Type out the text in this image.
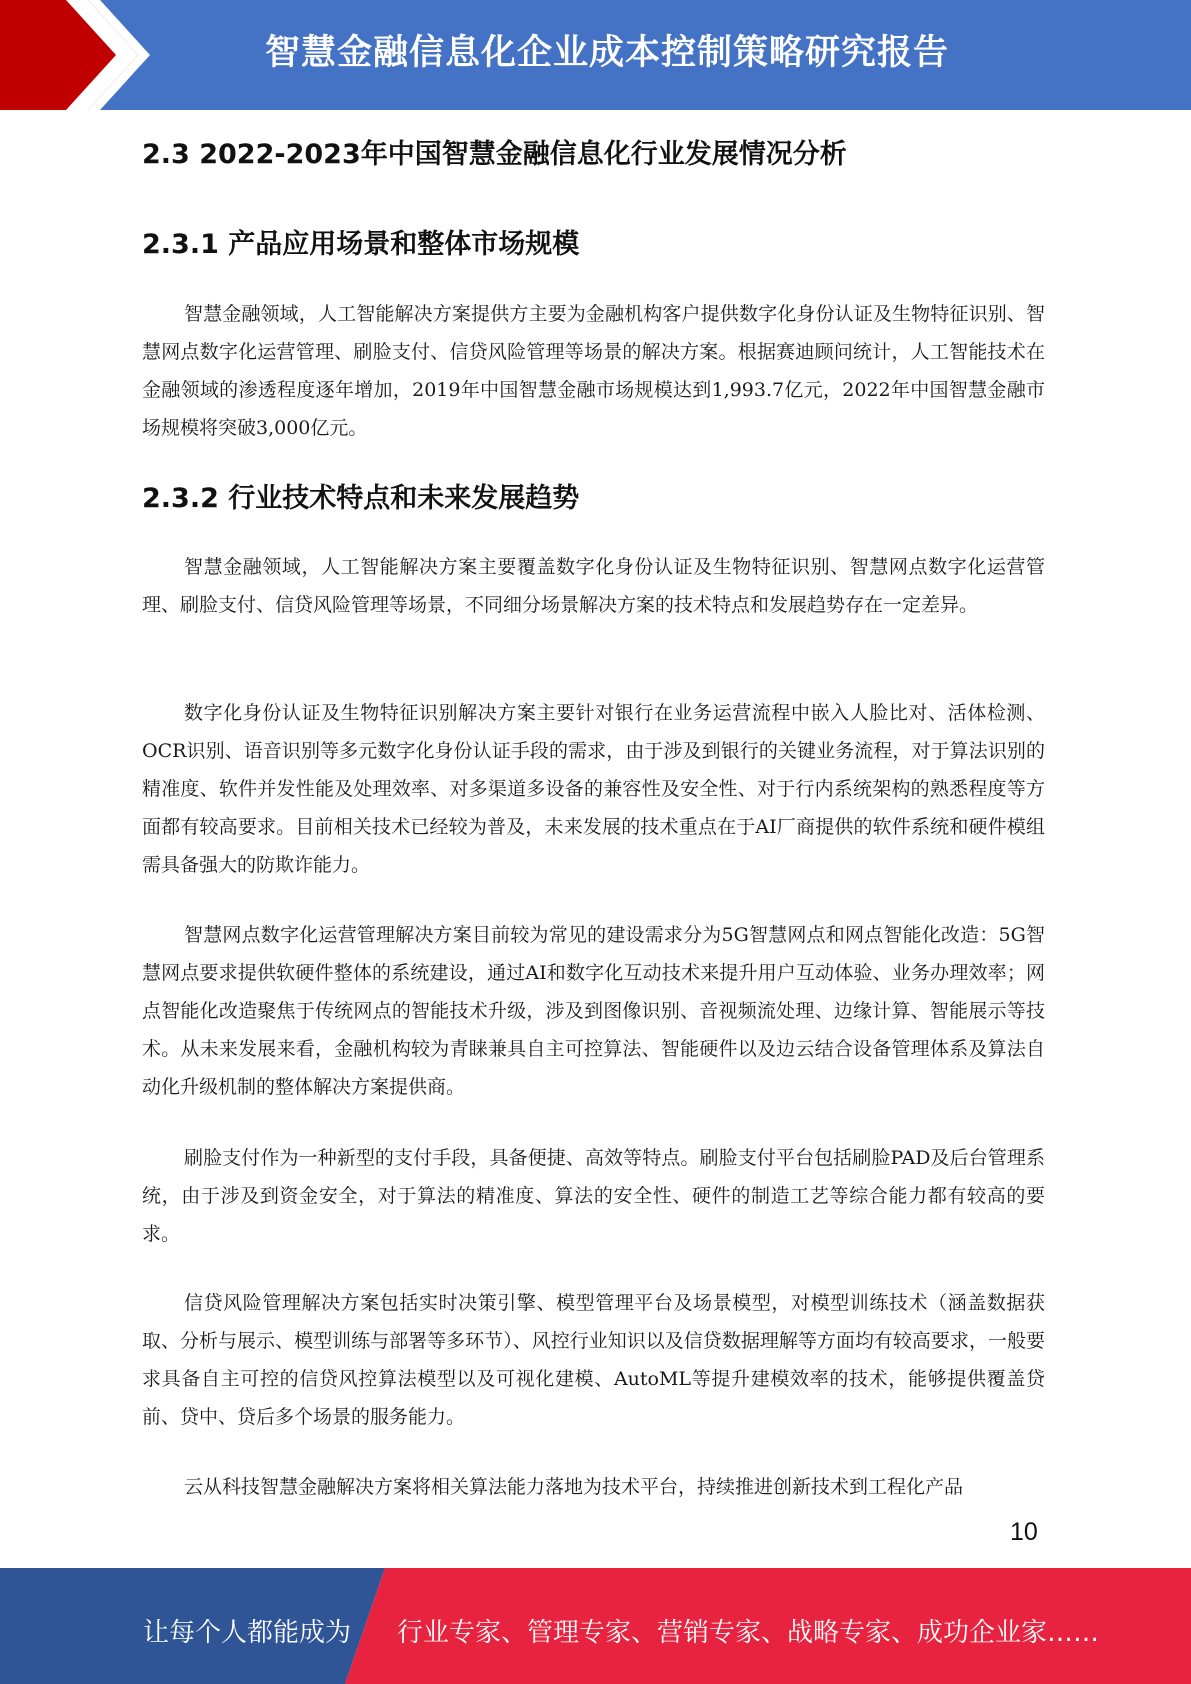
智慧金融信息化企业成本控制策略研究报告
2.3 2022-2023年中国智慧金融信息化行业发展情况分析
2.3.1 产品应用场景和整体市场规模

智慧金融领域，人工智能解决方案提供方主要为金融机构客户提供数字化身份认证及生物特征识别、智慧网点数字化运营管理、刷脸支付、信贷风险管理等场景的解决方案。根据赛迪顾问统计，人工智能技术在金融领域的渗透程度逐年增加，2019年中国智慧金融市场规模达到1,993.7亿元，2022年中国智慧金融市场规模将突破3,000亿元。

2.3.2 行业技术特点和未来发展趋势

智慧金融领域，人工智能解决方案主要覆盖数字化身份认证及生物特征识别、智慧网点数字化运营管理、刷脸支付、信贷风险管理等场景，不同细分场景解决方案的技术特点和发展趋势存在一定差异。

数字化身份认证及生物特征识别解决方案主要针对银行在业务运营流程中嵌入人脸比对、活体检测、OCR识别、语音识别等多元数字化身份认证手段的需求，由于涉及到银行的关键业务流程，对于算法识别的精准度、软件并发性能及处理效率、对多渠道多设备的兼容性及安全性、对于行内系统架构的熟悉程度等方面都有较高要求。目前相关技术已经较为普及，未来发展的技术重点在于AI厂商提供的软件系统和硬件模组需具备强大的防欺诈能力。

智慧网点数字化运营管理解决方案目前较为常见的建设需求分为5G智慧网点和网点智能化改造：5G智慧网点要求提供软硬件整体的系统建设，通过AI和数字化互动技术来提升用户互动体验、业务办理效率；网点智能化改造聚焦于传统网点的智能技术升级，涉及到图像识别、音视频流处理、边缘计算、智能展示等技术。从未来发展来看，金融机构较为青睐兼具自主可控算法、智能硬件以及边云结合设备管理体系及算法自动化升级机制的整体解决方案提供商。

刷脸支付作为一种新型的支付手段，具备便捷、高效等特点。刷脸支付平台包括刷脸PAD及后台管理系统，由于涉及到资金安全，对于算法的精准度、算法的安全性、硬件的制造工艺等综合能力都有较高的要求。

信贷风险管理解决方案包括实时决策引擎、模型管理平台及场景模型，对模型训练技术（涵盖数据获取、分析与展示、模型训练与部署等多环节）、风控行业知识以及信贷数据理解等方面均有较高要求，一般要求具备自主可控的信贷风控算法模型以及可视化建模、AutoML等提升建模效率的技术，能够提供覆盖贷前、贷中、贷后多个场景的服务能力。

云从科技智慧金融解决方案将相关算法能力落地为技术平台，持续推进创新技术到工程化产品

10
让每个人都能成为 行业专家、管理专家、营销专家、战略专家、成功企业家……
